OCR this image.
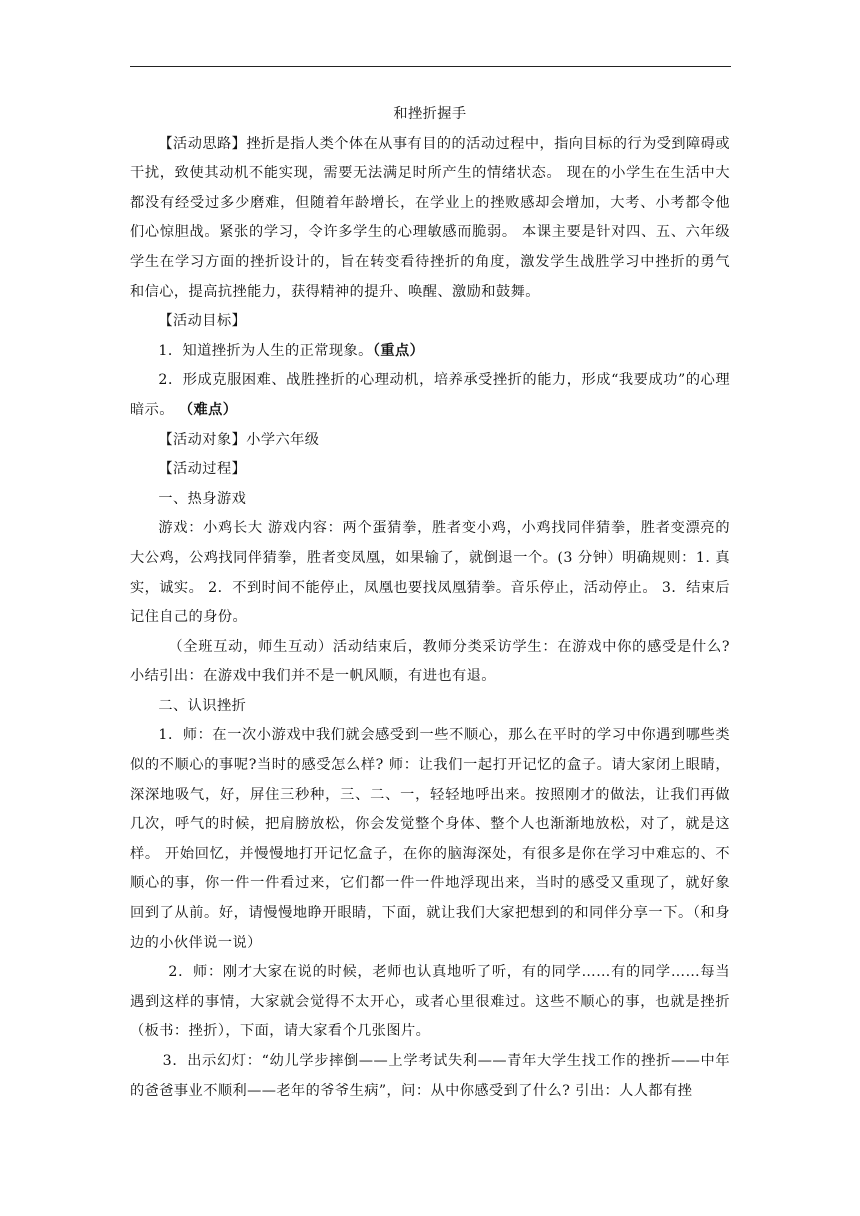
和挫折握手

【活动思路】挫折是指人类个体在从事有目的的活动过程中，指向目标的行为受到障碍或干扰，致使其动机不能实现，需要无法满足时所产生的情绪状态。 现在的小学生在生活中大都没有经受过多少磨难，但随着年龄增长，在学业上的挫败感却会增加，大考、小考都令他们心惊胆战。紧张的学习，令许多学生的心理敏感而脆弱。 本课主要是针对四、五、六年级学生在学习方面的挫折设计的，旨在转变看待挫折的角度，激发学生战胜学习中挫折的勇气和信心，提高抗挫能力，获得精神的提升、唤醒、激励和鼓舞。

【活动目标】

1．知道挫折为人生的正常现象。（重点）

2．形成克服困难、战胜挫折的心理动机，培养承受挫折的能力，形成“我要成功”的心理暗示。 （难点）

【活动对象】小学六年级

【活动过程】

一、热身游戏

游戏：小鸡长大 游戏内容：两个蛋猜拳，胜者变小鸡，小鸡找同伴猜拳，胜者变漂亮的大公鸡，公鸡找同伴猜拳，胜者变凤凰，如果输了，就倒退一个。(3 分钟）明确规则：1. 真实，诚实。 2．不到时间不能停止，凤凰也要找凤凰猜拳。音乐停止，活动停止。 3．结束后记住自己的身份。

（全班互动，师生互动）活动结束后，教师分类采访学生：在游戏中你的感受是什么? 小结引出：在游戏中我们并不是一帆风顺，有进也有退。

二、认识挫折

1．师：在一次小游戏中我们就会感受到一些不顺心，那么在平时的学习中你遇到哪些类似的不顺心的事呢?当时的感受怎么样? 师：让我们一起打开记忆的盒子。请大家闭上眼睛，深深地吸气，好，屏住三秒种，三、二、一，轻轻地呼出来。按照刚才的做法，让我们再做几次，呼气的时候，把肩膀放松，你会发觉整个身体、整个人也渐渐地放松，对了，就是这样。 开始回忆，并慢慢地打开记忆盒子，在你的脑海深处，有很多是你在学习中难忘的、不顺心的事，你一件一件看过来，它们都一件一件地浮现出来，当时的感受又重现了，就好象回到了从前。好，请慢慢地睁开眼睛，下面，就让我们大家把想到的和同伴分享一下。（和身边的小伙伴说一说）

2．师：刚才大家在说的时候，老师也认真地听了听，有的同学……有的同学……每当遇到这样的事情，大家就会觉得不太开心，或者心里很难过。这些不顺心的事，也就是挫折（板书：挫折），下面，请大家看个几张图片。

3．出示幻灯：“幼儿学步摔倒——上学考试失利——青年大学生找工作的挫折——中年的爸爸事业不顺利——老年的爷爷生病”，问：从中你感受到了什么? 引出：人人都有挫
